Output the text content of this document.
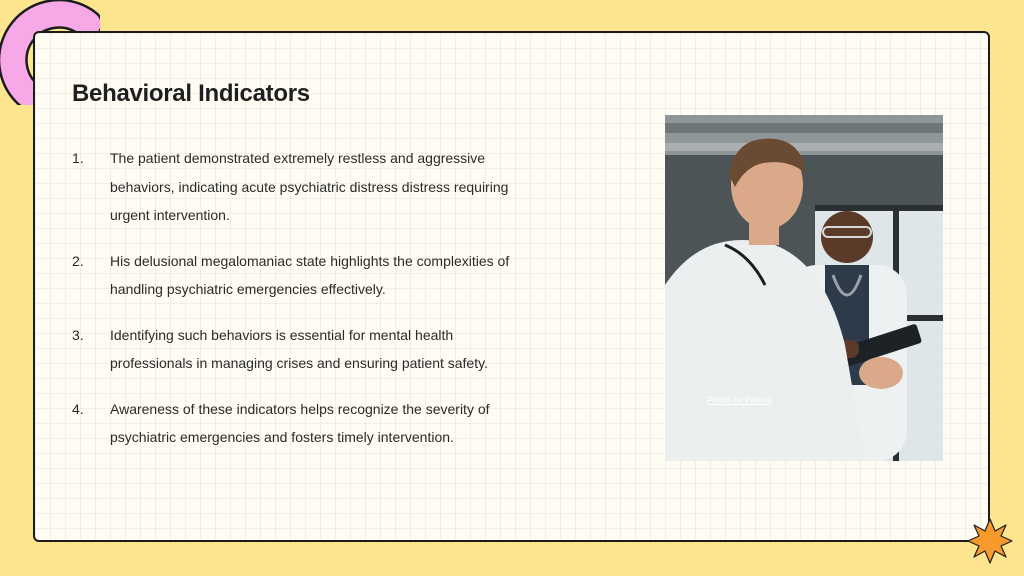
Behavioral Indicators
1.	The patient demonstrated extremely restless and aggressive behaviors, indicating acute psychiatric distress distress requiring urgent intervention.
2.	His delusional megalomaniac state highlights the complexities of handling psychiatric emergencies effectively.
3.	Identifying such behaviors is essential for mental health professionals in managing crises and ensuring patient safety.
4.	Awareness of these indicators helps recognize the severity of psychiatric emergencies and fosters timely intervention.
Photo by Pexels
